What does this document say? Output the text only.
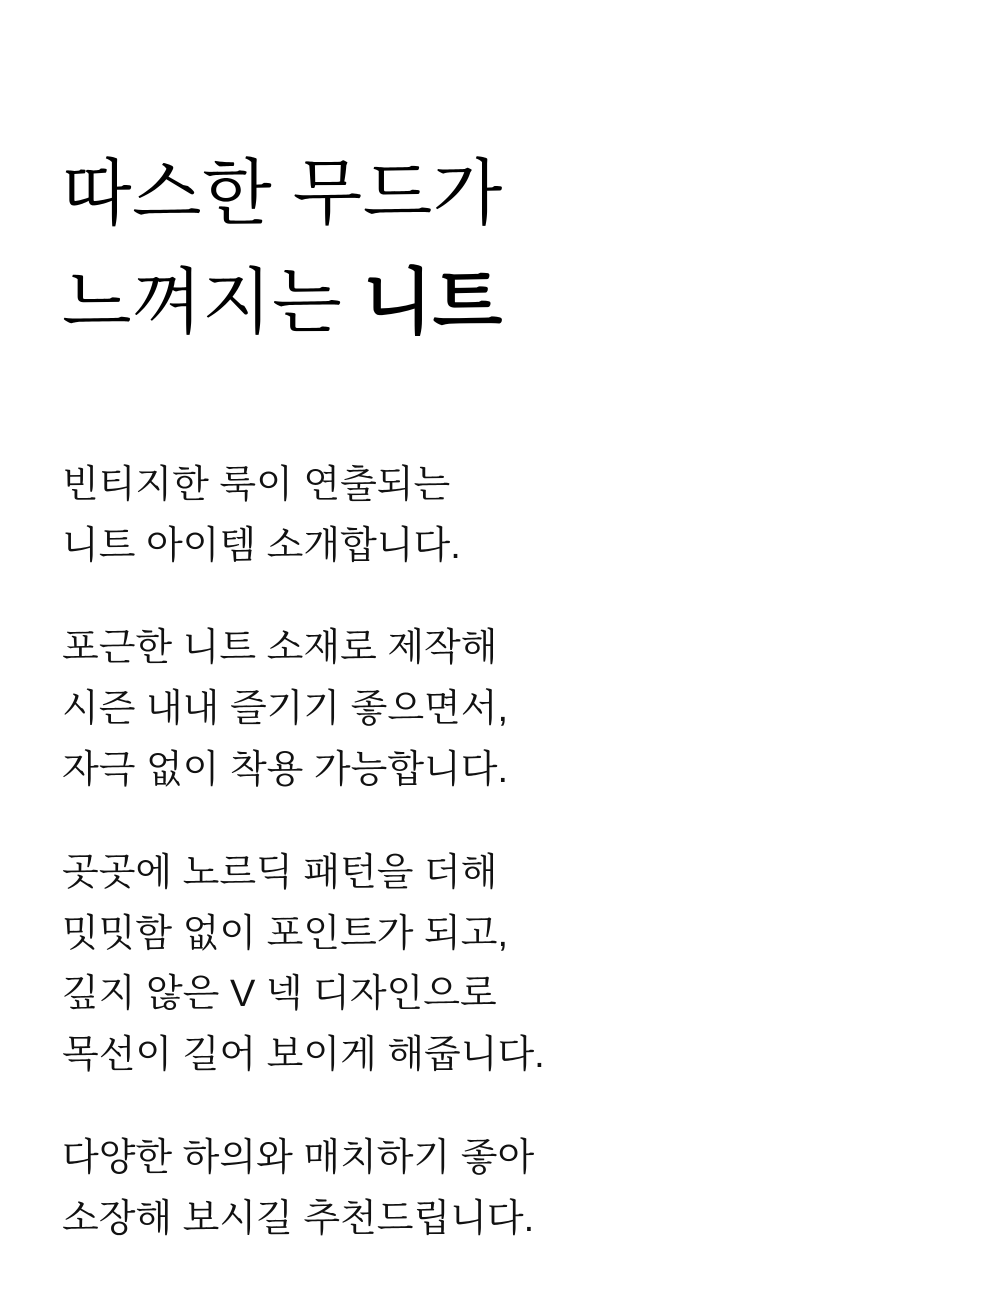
따스한 무드가
느껴지는 니트

빈티지한 룩이 연출되는
니트 아이템 소개합니다.

포근한 니트 소재로 제작해
시즌 내내 즐기기 좋으면서,
자극 없이 착용 가능합니다.

곳곳에 노르딕 패턴을 더해
밋밋함 없이 포인트가 되고,
깊지 않은 V 넥 디자인으로
목선이 길어 보이게 해줍니다.

다양한 하의와 매치하기 좋아
소장해 보시길 추천드립니다.
